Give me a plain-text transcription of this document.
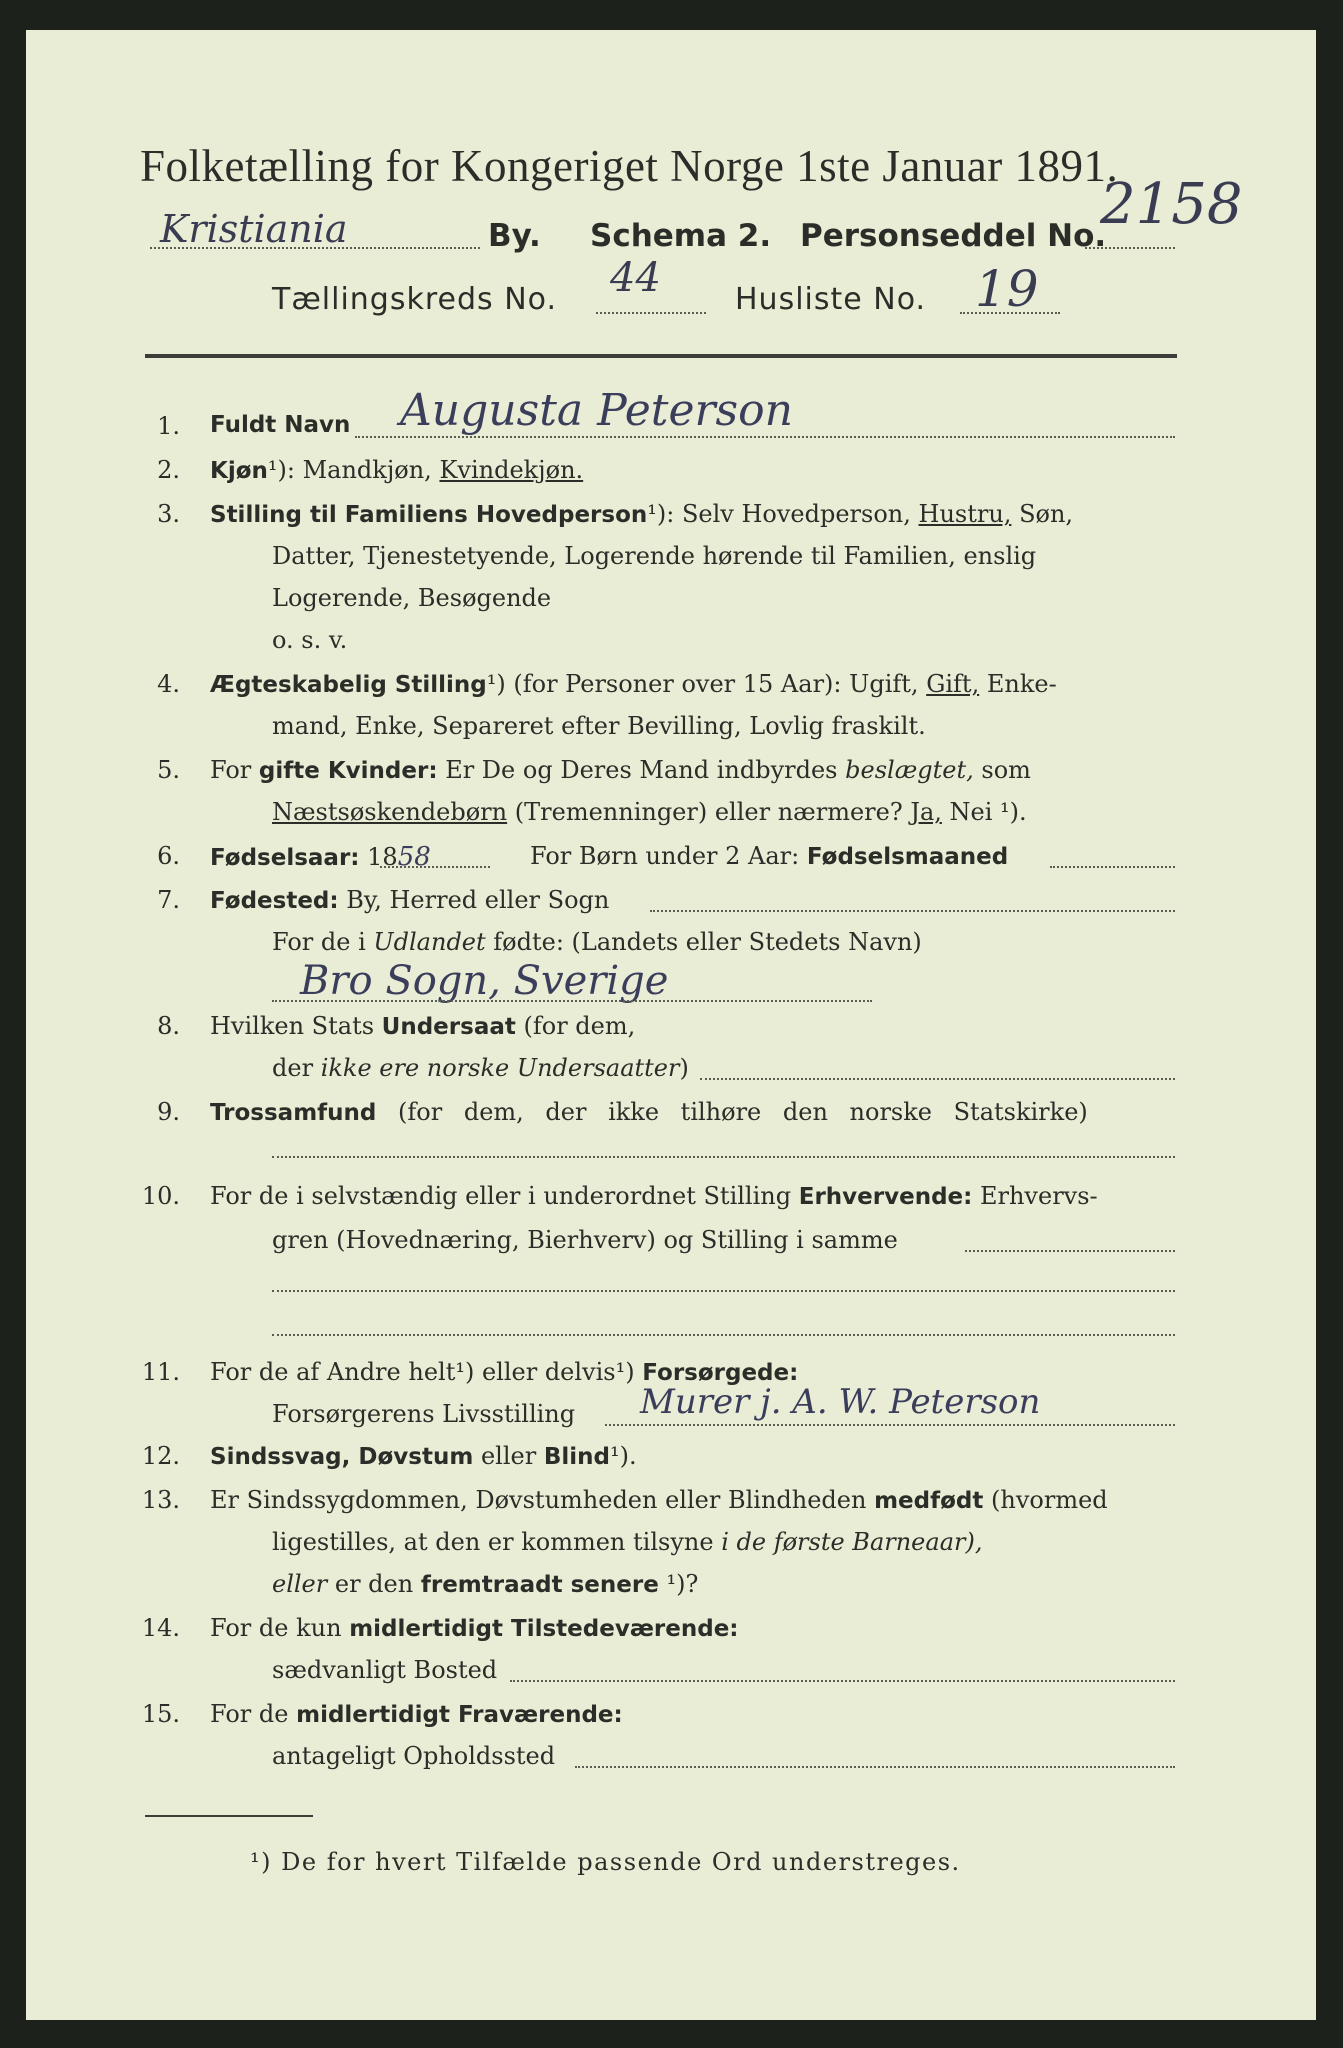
Folketælling for Kongeriget Norge 1ste Januar 1891.
Kristiania	By. Schema 2. Personseddel No.
2158
Tællingskreds No. 44 Husliste No. 19
1. Fuldt Navn Augusta Peterson
2. Kjøn¹): Mandkjøn, Kvindekjøn.
3. Stilling til Familiens Hovedperson¹): Selv Hovedperson, Hustru, Søn,
Datter, Tjenestetyende, Logerende hørende til Familien, enslig
Logerende, Besøgende
o. s. v.
4. Ægteskabelig Stilling¹) (for Personer over 15 Aar): Ugift, Gift, Enke-
mand, Enke, Separeret efter Bevilling, Lovlig fraskilt.
5. For gifte Kvinder: Er De og Deres Mand indbyrdes beslægtet, som
Næstsøskendebørn (Tremenninger) eller nærmere? Ja, Nei ¹).
6. Fødselsaar: 1858	For Børn under 2 Aar: Fødselsmaaned
7. Fødested: By, Herred eller Sogn
For de i Udlandet fødte: (Landets eller Stedets Navn)
Bro Sogn, Sverige
8. Hvilken Stats Undersaat (for dem,
der ikke ere norske Undersaatter)
9. Trossamfund (for dem, der ikke tilhøre den norske Statskirke)
10. For de i selvstændig eller i underordnet Stilling Erhvervende: Erhvervs-
gren (Hovednæring, Bierhverv) og Stilling i samme
11. For de af Andre helt¹) eller delvis¹) Forsørgede:
Forsørgerens Livsstilling Murer j. A. W. Peterson
12. Sindssvag, Døvstum eller Blind¹).
13. Er Sindssygdommen, Døvstumheden eller Blindheden medfødt (hvormed
ligestilles, at den er kommen tilsyne i de første Barneaar),
eller er den fremtraadt senere ¹)?
14. For de kun midlertidigt Tilstedeværende:
sædvanligt Bosted
15. For de midlertidigt Fraværende:
antageligt Opholdssted
¹) De for hvert Tilfælde passende Ord understreges.
